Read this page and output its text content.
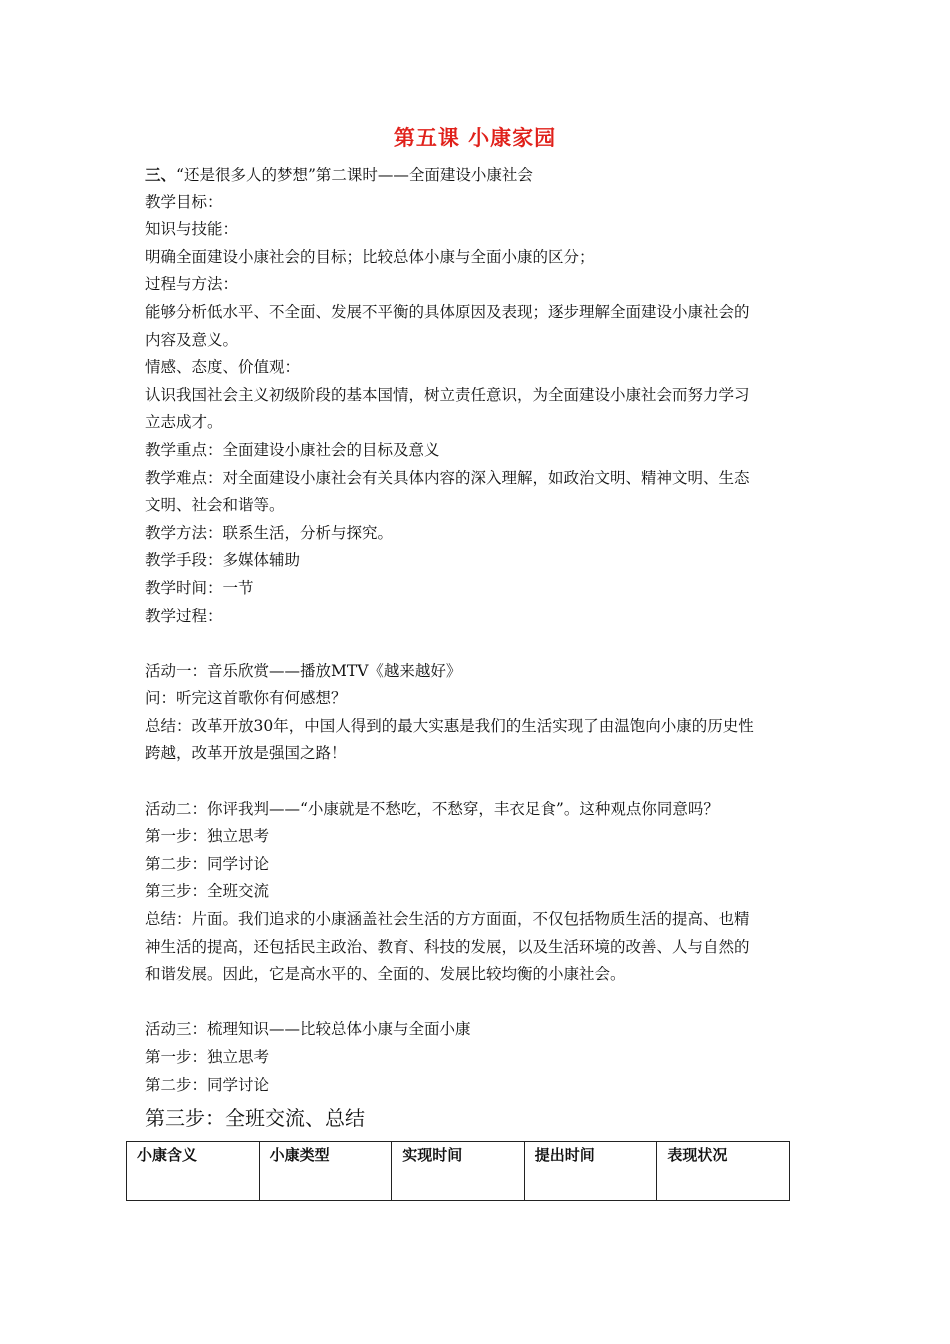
第五课 小康家园
三、“还是很多人的梦想”第二课时——全面建设小康社会
教学目标：
知识与技能：
明确全面建设小康社会的目标；比较总体小康与全面小康的区分；
过程与方法：
能够分析低水平、不全面、发展不平衡的具体原因及表现；逐步理解全面建设小康社会的
内容及意义。
情感、态度、价值观：
认识我国社会主义初级阶段的基本国情，树立责任意识，为全面建设小康社会而努力学习
立志成才。
教学重点：全面建设小康社会的目标及意义
教学难点：对全面建设小康社会有关具体内容的深入理解，如政治文明、精神文明、生态
文明、社会和谐等。
教学方法：联系生活，分析与探究。
教学手段：多媒体辅助
教学时间：一节
教学过程：
活动一：音乐欣赏——播放MTV《越来越好》
问：听完这首歌你有何感想？
总结：改革开放30年，中国人得到的最大实惠是我们的生活实现了由温饱向小康的历史性
跨越，改革开放是强国之路！
活动二：你评我判——“小康就是不愁吃，不愁穿，丰衣足食”。这种观点你同意吗？
第一步：独立思考
第二步：同学讨论
第三步：全班交流
总结：片面。我们追求的小康涵盖社会生活的方方面面，不仅包括物质生活的提高、也精
神生活的提高，还包括民主政治、教育、科技的发展，以及生活环境的改善、人与自然的
和谐发展。因此，它是高水平的、全面的、发展比较均衡的小康社会。
活动三：梳理知识——比较总体小康与全面小康
第一步：独立思考
第二步：同学讨论
第三步：全班交流、总结
小康含义	小康类型	实现时间	提出时间	表现状况
